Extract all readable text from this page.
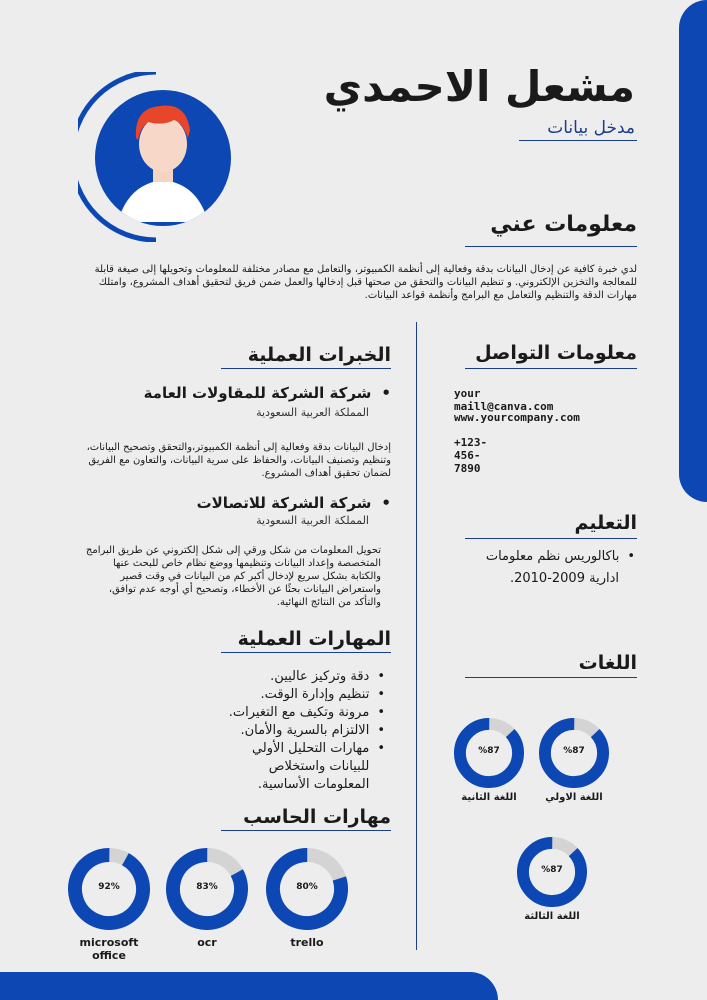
مشعل الاحمدي
مدخل بيانات
معلومات عني
لدي خبرة كافية عن إدخال البيانات بدقة وفعالية إلى أنظمة الكمبيوتر، والتعامل مع مصادر مختلفة للمعلومات وتحويلها إلى صيغة قابلة للمعالجة والتخزين الإلكتروني. و تنظيم البيانات والتحقق من صحتها قبل إدخالها والعمل ضمن فريق لتحقيق أهداف المشروع، وامتلك مهارات الدقة والتنظيم والتعامل مع البرامج وأنظمة قواعد البيانات.
معلومات التواصل
your maill@canva.com
www.yourcompany.com
+123-456-7890
التعليم
•باكالوريس نظم معلومات
ادارية 2009-2010.
اللغات
%87
اللغة الاولي
%87
اللغة الثانية
%87
اللغة الثالثة
الخبرات العملية
•شركة الشركة للمقاولات العامة
المملكة العربية السعودية
إدخال البيانات بدقة وفعالية إلى أنظمة الكمبيوتر،والتحقق وتصحيح البيانات، وتنظيم وتصنيف البيانات، والحفاظ على سرية البيانات، والتعاون مع الفريق لضمان تحقيق أهداف المشروع.
•شركة الشركة للاتصالات
المملكة العربية السعودية
تحويل المعلومات من شكل ورقي إلى شكل إلكتروني عن طريق البرامج المتخصصة وإعداد البيانات وتنظيمها ووضع نظام خاص للبحث عنها والكتابة بشكل سريع لإدخال أكبر كم من البيانات في وقت قصير واستعراض البيانات بحثًا عن الأخطاء، وتصحيح أي أوجه عدم توافق، والتأكد من النتائج النهائية.
المهارات العملية
•دقة وتركيز عاليين.
•تنظيم وإدارة الوقت.
•مرونة وتكيف مع التغيرات.
•الالتزام بالسرية والأمان.
•
مهارات التحليل الأولي للبيانات واستخلاص المعلومات الأساسية.
مهارات الحاسب
80%
trello
83%
ocr
92%
microsoft office
